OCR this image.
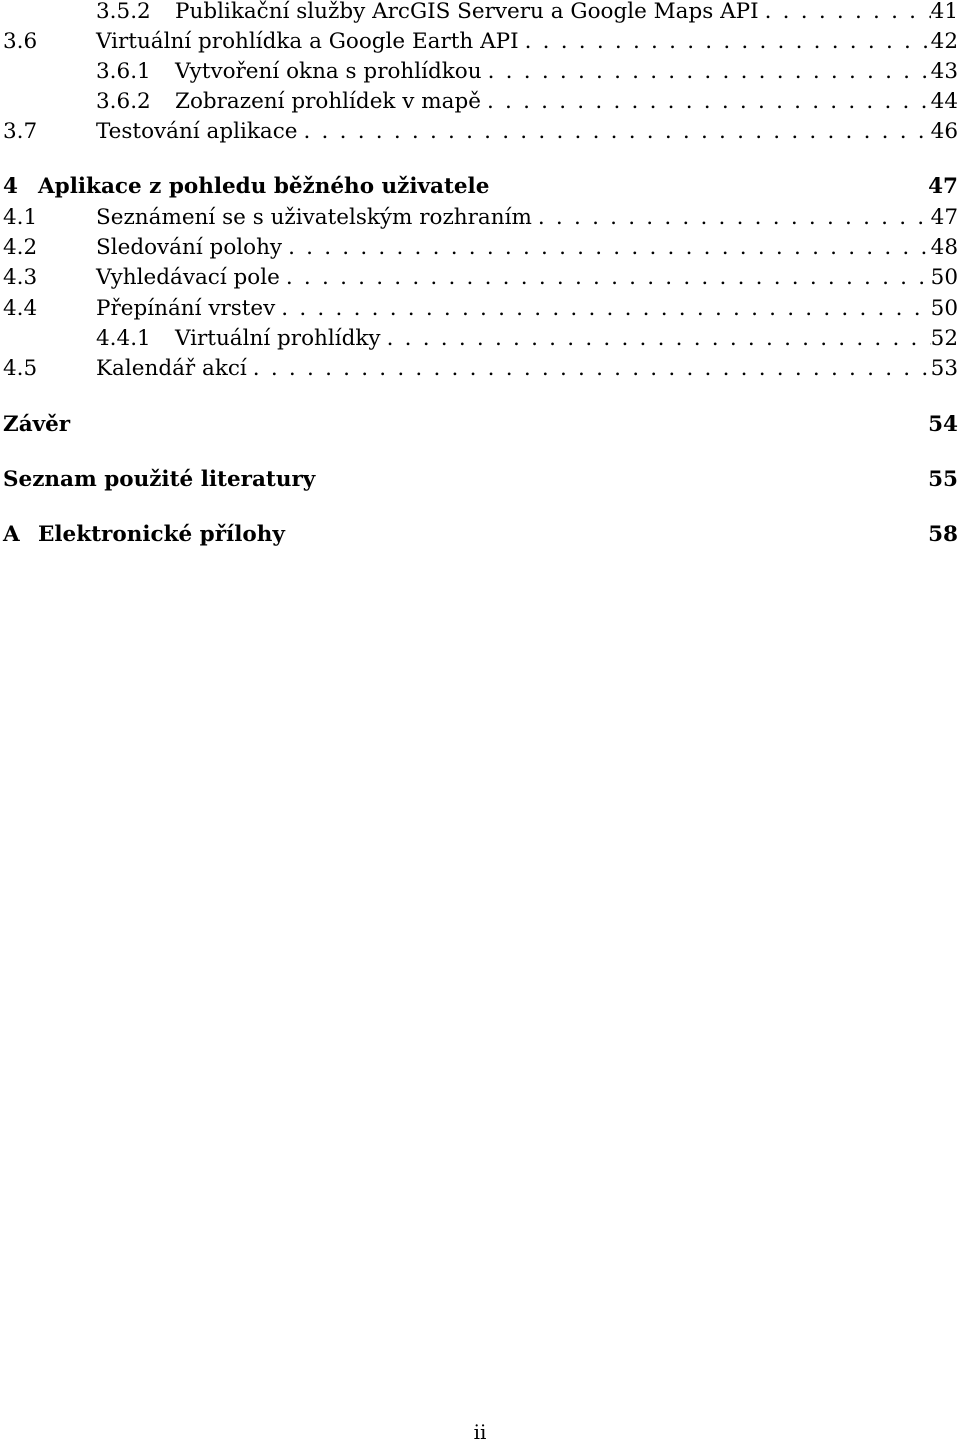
3.5.2	Publikační služby ArcGIS Serveru a Google Maps API . . .	41
3.6	Virtuální prohlídka a Google Earth API . . .	42
3.6.1	Vytvoření okna s prohlídkou . . .	43
3.6.2	Zobrazení prohlídek v mapě . . .	44
3.7	Testování aplikace . . .	46
4 Aplikace z pohledu běžného uživatele	47
4.1	Seznámení se s uživatelským rozhraním . . .	47
4.2	Sledování polohy . . .	48
4.3	Vyhledávací pole . . .	50
4.4	Přepínání vrstev . . .	50
4.4.1	Virtuální prohlídky . . .	52
4.5	Kalendář akcí . . .	53
Závěr	54
Seznam použité literatury	55
A Elektronické přílohy	58
ii
